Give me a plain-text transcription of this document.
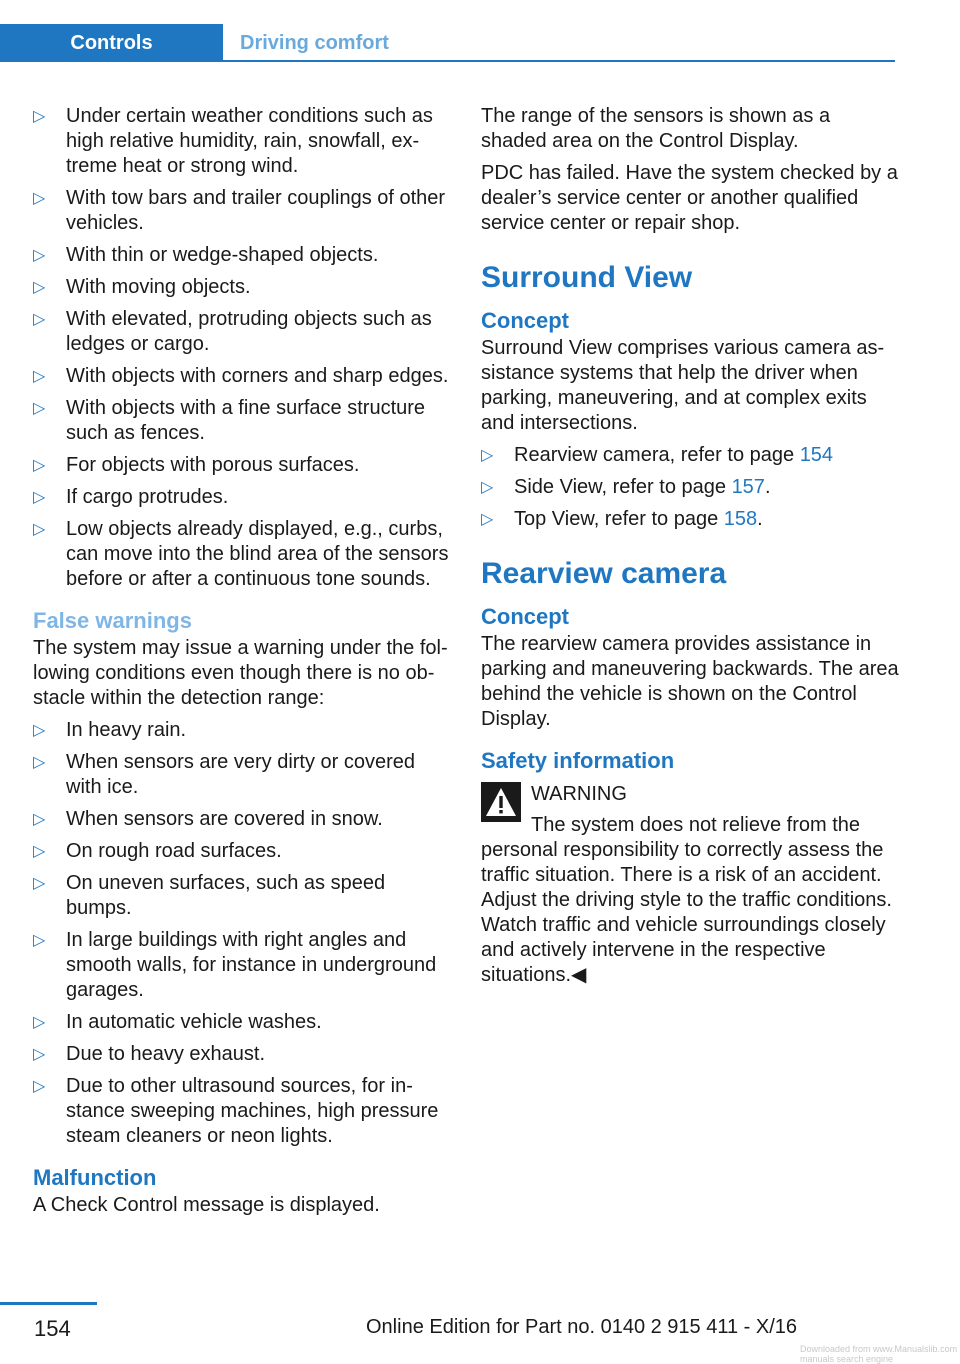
Controls	Driving comfort
▷ Under certain weather conditions such as high relative humidity, rain, snowfall, extreme heat or strong wind.
▷ With tow bars and trailer couplings of other vehicles.
▷ With thin or wedge-shaped objects.
▷ With moving objects.
▷ With elevated, protruding objects such as ledges or cargo.
▷ With objects with corners and sharp edges.
▷ With objects with a fine surface structure such as fences.
▷ For objects with porous surfaces.
▷ If cargo protrudes.
▷ Low objects already displayed, e.g., curbs, can move into the blind area of the sensors before or after a continuous tone sounds.
False warnings

The system may issue a warning under the following conditions even though there is no obstacle within the detection range:

▷ In heavy rain.
▷ When sensors are very dirty or covered with ice.
▷ When sensors are covered in snow.
▷ On rough road surfaces.
▷ On uneven surfaces, such as speed bumps.
▷ In large buildings with right angles and smooth walls, for instance in underground garages.
▷ In automatic vehicle washes.
▷ Due to heavy exhaust.
▷ Due to other ultrasound sources, for instance sweeping machines, high pressure steam cleaners or neon lights.
Malfunction

A Check Control message is displayed.

The range of the sensors is shown as a shaded area on the Control Display.

PDC has failed. Have the system checked by a dealer’s service center or another qualified service center or repair shop.

Surround View
Concept

Surround View comprises various camera assistance systems that help the driver when parking, maneuvering, and at complex exits and intersections.

▷ Rearview camera, refer to page 154
▷ Side View, refer to page 157.
▷ Top View, refer to page 158.
Rearview camera
Concept

The rearview camera provides assistance in parking and maneuvering backwards. The area behind the vehicle is shown on the Control Display.

Safety information
WARNING
The system does not relieve from the
personal responsibility to correctly assess the traffic situation. There is a risk of an accident. Adjust the driving style to the traffic conditions. Watch traffic and vehicle surroundings closely and actively intervene in the respective situations.◀
154	Online Edition for Part no. 0140 2 915 411 - X/16
Downloaded from www.Manualslib.com manuals search engine
